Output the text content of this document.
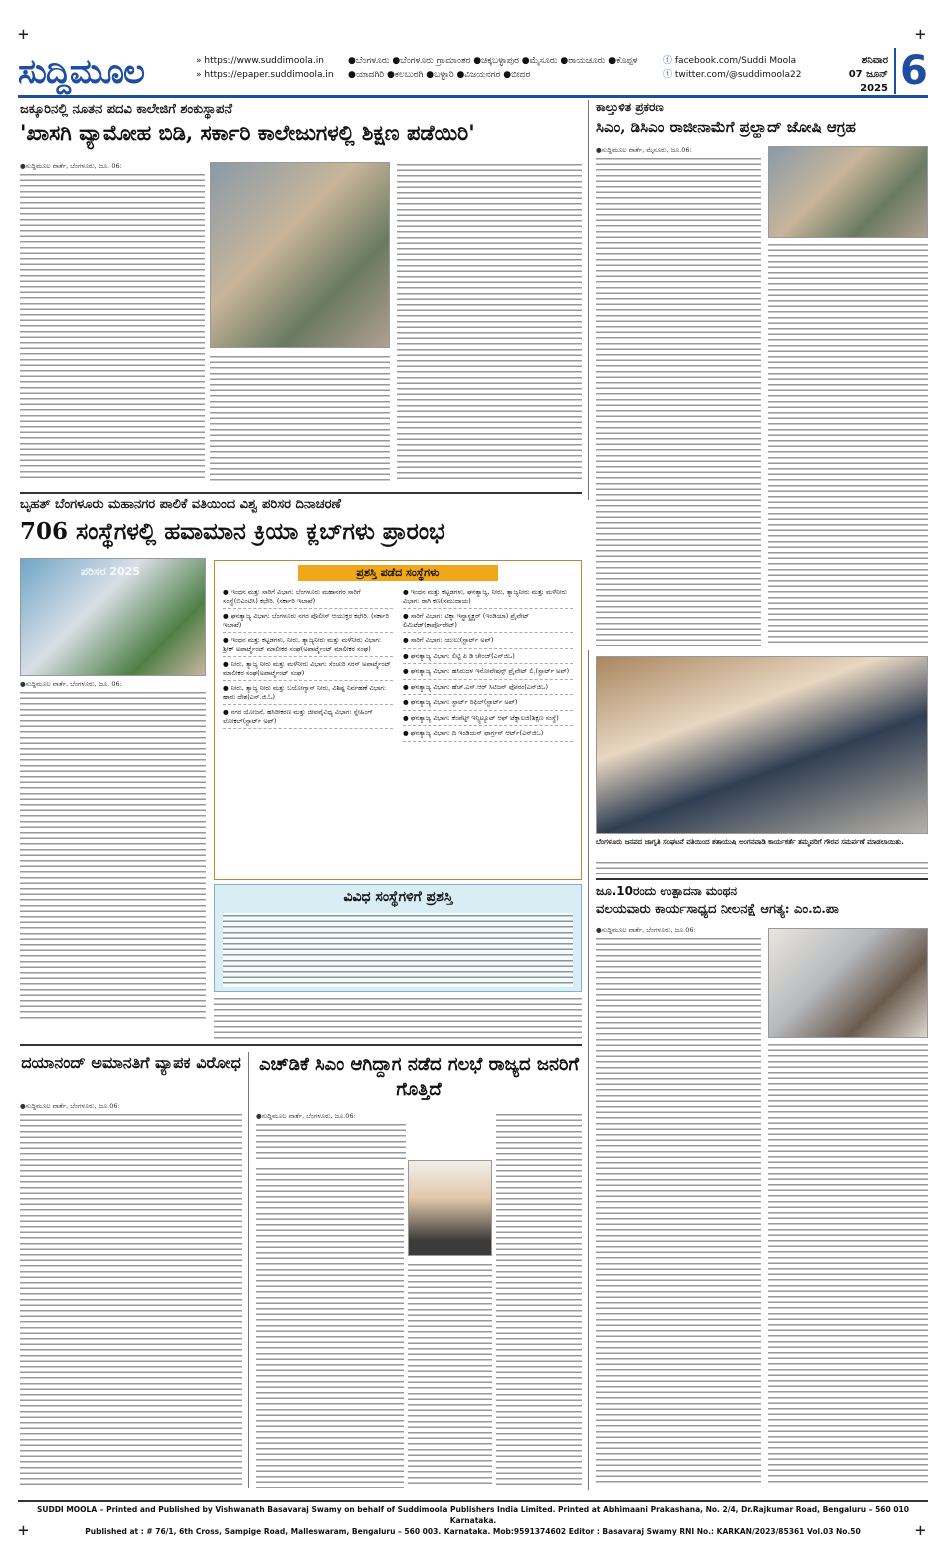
+	+
+	+
ಸುದ್ದಿಮೂಲ	» https://www.suddimoola.in
» https://epaper.suddimoola.in
●ಬೆಂಗಳೂರು ●ಬೆಂಗಳೂರು ಗ್ರಾಮಾಂತರ ●ಚಿಕ್ಕಬಳ್ಳಾಪುರ ●ಮೈಸೂರು ●ರಾಯಚೂರು ●ಕೊಪ್ಪಳ ●ಯಾದಗಿರಿ ●ಕಲಬುರಗಿ ●ಬಳ್ಳಾರಿ ●ವಿಜಯನಗರ ●ಬೀದರ
ⓕ facebook.com/Suddi Moola
ⓣ twitter.com/@suddimoola22
ಶನಿವಾರ
07 ಜೂನ್ 2025 6
ಜಕ್ಕೂರಿನಲ್ಲಿ ನೂತನ ಪದವಿ ಕಾಲೇಜಿಗೆ ಶಂಕುಸ್ಥಾಪನೆ
'ಖಾಸಗಿ ವ್ಯಾಮೋಹ ಬಿಡಿ, ಸರ್ಕಾರಿ ಕಾಲೇಜುಗಳಲ್ಲಿ ಶಿಕ್ಷಣ ಪಡೆಯಿರಿ'
●ಸುದ್ದಿಮೂಲ ವಾರ್ತೆ, ಬೆಂಗಳೂರು, ಜೂ. 06:
ಕಾಲ್ತುಳಿತ ಪ್ರಕರಣ
ಸಿಎಂ, ಡಿಸಿಎಂ ರಾಜೀನಾಮೆಗೆ ಪ್ರಲ್ಹಾದ್ ಜೋಷಿ ಆಗ್ರಹ
●ಸುದ್ದಿಮೂಲ ವಾರ್ತೆ, ಮೈಸೂರು, ಜೂ.06:
ಬೃಹತ್ ಬೆಂಗಳೂರು ಮಹಾನಗರ ಪಾಲಿಕೆ ವತಿಯಿಂದ ವಿಶ್ವ ಪರಿಸರ ದಿನಾಚರಣೆ
706 ಸಂಸ್ಥೆಗಳಲ್ಲಿ ಹವಾಮಾನ ಕ್ರಿಯಾ ಕ್ಲಬ್‌ಗಳು ಪ್ರಾರಂಭ
ಪರಿಸರ 2025
●ಸುದ್ದಿಮೂಲ ವಾರ್ತೆ, ಬೆಂಗಳೂರು, ಜೂ. 06:
ಪ್ರಶಸ್ತಿ ಪಡೆದ ಸಂಸ್ಥೆಗಳು
● ಇಂಧನ ಮತ್ತು ಸಾರಿಗೆ ವಿಭಾಗ: ಬೆಂಗಳೂರು ಮಹಾನಗರ ಸಾರಿಗೆ ಸಂಸ್ಥೆ(ಬಿಎಂಟಿಸಿ) ಕಛೇರಿ. (ಸರ್ಕಾರಿ ಇಲಾಖೆ)
● ಘನತ್ಯಾಜ್ಯ ವಿಭಾಗ: ಬೆಂಗಳೂರು ನಗರ ಪೊಲೀಸ್ ಆಯುಕ್ತರ ಕಛೇರಿ. (ಸರ್ಕಾರಿ ಇಲಾಖೆ)
● ಇಂಧನ ಮತ್ತು ಕಟ್ಟಡಗಳು, ನೀರು, ತ್ಯಾಜ್ಯನೀರು ಮತ್ತು ಮಳೆನೀರು ವಿಭಾಗ: ಶ್ರೀಕ್ ಅಪಾರ್ಟ್ಮೆಂಟ್ ಮಾಲೀಕರ ಸಂಘ(ಅಪಾರ್ಟ್ಮೆಂಟ್ ಮಾಲೀಕರ ಸಂಘ)
● ನೀರು, ತ್ಯಾಜ್ಯ ನೀರು ಮತ್ತು ಮಳೆನೀರು ವಿಭಾಗ: ಸೆಂಚುರಿ ಸರಸ್ ಅಪಾರ್ಟ್ಮೆಂಟ್ ಮಾಲೀಕರ ಸಂಘ(ಅಪಾರ್ಟ್ಮೆಂಟ್ ಸಂಘ)
● ನೀರು, ತ್ಯಾಜ್ಯ ನೀರು ಮತ್ತು ಬಯೋಗ್ಯಾಸ್ ನೀರು, ವಿಶಿಷ್ಟ ನಿರ್ವಹಣೆ ವಿಭಾಗ: ಹಾರು ದೇಶ(ಎನ್.ಜಿ.ಓ)
● ನಗರ ಯೋಜನೆ, ಹಸಿರೀಕರಣ ಮತ್ತು ಜೀವವೈವಿಧ್ಯ ವಿಭಾಗ: ಸ್ನೇಹಿಂಗ್ ಲೋಕಲ್(ಸ್ಟಾರ್ಟ್ ಅಪ್)
● ಇಂಧನ ಮತ್ತು ಕಟ್ಟಡಗಳು, ಘನತ್ಯಾಜ್ಯ, ನೀರು, ತ್ಯಾಜ್ಯನೀರು ಮತ್ತು ಮಳೆನೀರು ವಿಭಾಗ: ರಾಗಿ ಕಣ(ಸಮುದಾಯ)
● ಸಾರಿಗೆ ವಿಭಾಗ: ಟಿಕ್ಕಾ ಇನ್ಫ್ರಾಸ್ಟ್ರಕ್ಚರ್ (ಇಂಡಿಯಾ) ಪ್ರೈವೇಟ್ ಲಿಮಿಟೆಡ್(ಕಾರ್ಪೊರೇಟ್)
● ಸಾರಿಗೆ ವಿಭಾಗ: ಯುಲು(ಸ್ಟಾರ್ಟ್ ಅಪ್)
● ಘನತ್ಯಾಜ್ಯ ವಿಭಾಗ: ಲಿಟ್ಟಿ ಪಿ ಡಿ ಚೇಂಜ್(ಎನ್‌ಜಿಒ)
● ಘನತ್ಯಾಜ್ಯ ವಿಭಾಗ: ಹಸಿರುದಳ ಇನೋವೇಷನ್ಸ್ ಪ್ರೈವೇಟ್ ಲಿ.(ಸ್ಟಾರ್ಟ್ ಅಪ್)
● ಘನತ್ಯಾಜ್ಯ ವಿಭಾಗ: ಹೆಚ್.ಎಸ್.ಆರ್ ಸಿಟಿಜನ್ ಫೋರಂ(ಎನ್‌ಜಿಒ)
● ಘನತ್ಯಾಜ್ಯ ವಿಭಾಗ: ಸ್ಟಾರ್ಟ್ ರಿಫಿಲ್(ಸ್ಟಾರ್ಟ್ ಅಪ್)
● ಘನತ್ಯಾಜ್ಯ ವಿಭಾಗ: ಕೆಂಪೆಟ್ಟ್ ಇನ್ಸ್ಟಿಟ್ಯೂಟ್ ಆಫ್ ಟೆಕ್ನಾಲಜಿ(ಶಿಕ್ಷಣ ಸಂಸ್ಥೆ)
● ಘನತ್ಯಾಜ್ಯ ವಿಭಾಗ: ದಿ ಇಂಡಿಯನ್ ಫಾರ್ಗ್ರನ್ ಆರ್ಟ್(ಎನ್‌ಜಿಒ)
ವಿವಿಧ ಸಂಸ್ಥೆಗಳಿಗೆ ಪ್ರಶಸ್ತಿ
ಬೆಂಗಳೂರು ಜನಪದ ಜಾಗೃತಿ ಸಂಘಟನೆ ವತಿಯಿಂದ ಶತಾಯುಷಿ ಅಂಗನವಾಡಿ ಕಾರ್ಯಕರ್ತೆ ತಮ್ಮವರಿಗೆ ಗೌರವ ಸಮರ್ಪಣೆ ಮಾಡಲಾಯಿತು.
ಜೂ.10ರಂದು ಉತ್ಪಾದನಾ ಮಂಥನ
ವಲಯವಾರು ಕಾರ್ಯಸಾಧ್ಯದ ನೀಲನಕ್ಷೆ ಆಗತ್ಯ: ಎಂ.ಬಿ.ಪಾ
●ಸುದ್ದಿಮೂಲ ವಾರ್ತೆ, ಬೆಂಗಳೂರು, ಜೂ.06:
ದಯಾನಂದ್ ಅಮಾನತಿಗೆ ವ್ಯಾಪಕ ವಿರೋಧ
●ಸುದ್ದಿಮೂಲ ವಾರ್ತೆ, ಬೆಂಗಳೂರು, ಜೂ.06:
ಎಚ್‌ಡಿಕೆ ಸಿಎಂ ಆಗಿದ್ದಾಗ ನಡೆದ ಗಲಭೆ ರಾಜ್ಯದ ಜನರಿಗೆ ಗೊತ್ತಿದೆ
●ಸುದ್ದಿಮೂಲ ವಾರ್ತೆ, ಬೆಂಗಳೂರು, ಜೂ.06:
SUDDI MOOLA – Printed and Published by Vishwanath Basavaraj Swamy on behalf of Suddimoola Publishers India Limited. Printed at Abhimaani Prakashana, No. 2/4, Dr.Rajkumar Road, Bengaluru – 560 010 Karnataka.
Published at : # 76/1, 6th Cross, Sampige Road, Malleswaram, Bengaluru – 560 003. Karnataka. Mob:9591374602 Editor : Basavaraj Swamy RNI No.: KARKAN/2023/85361 Vol.03 No.50
